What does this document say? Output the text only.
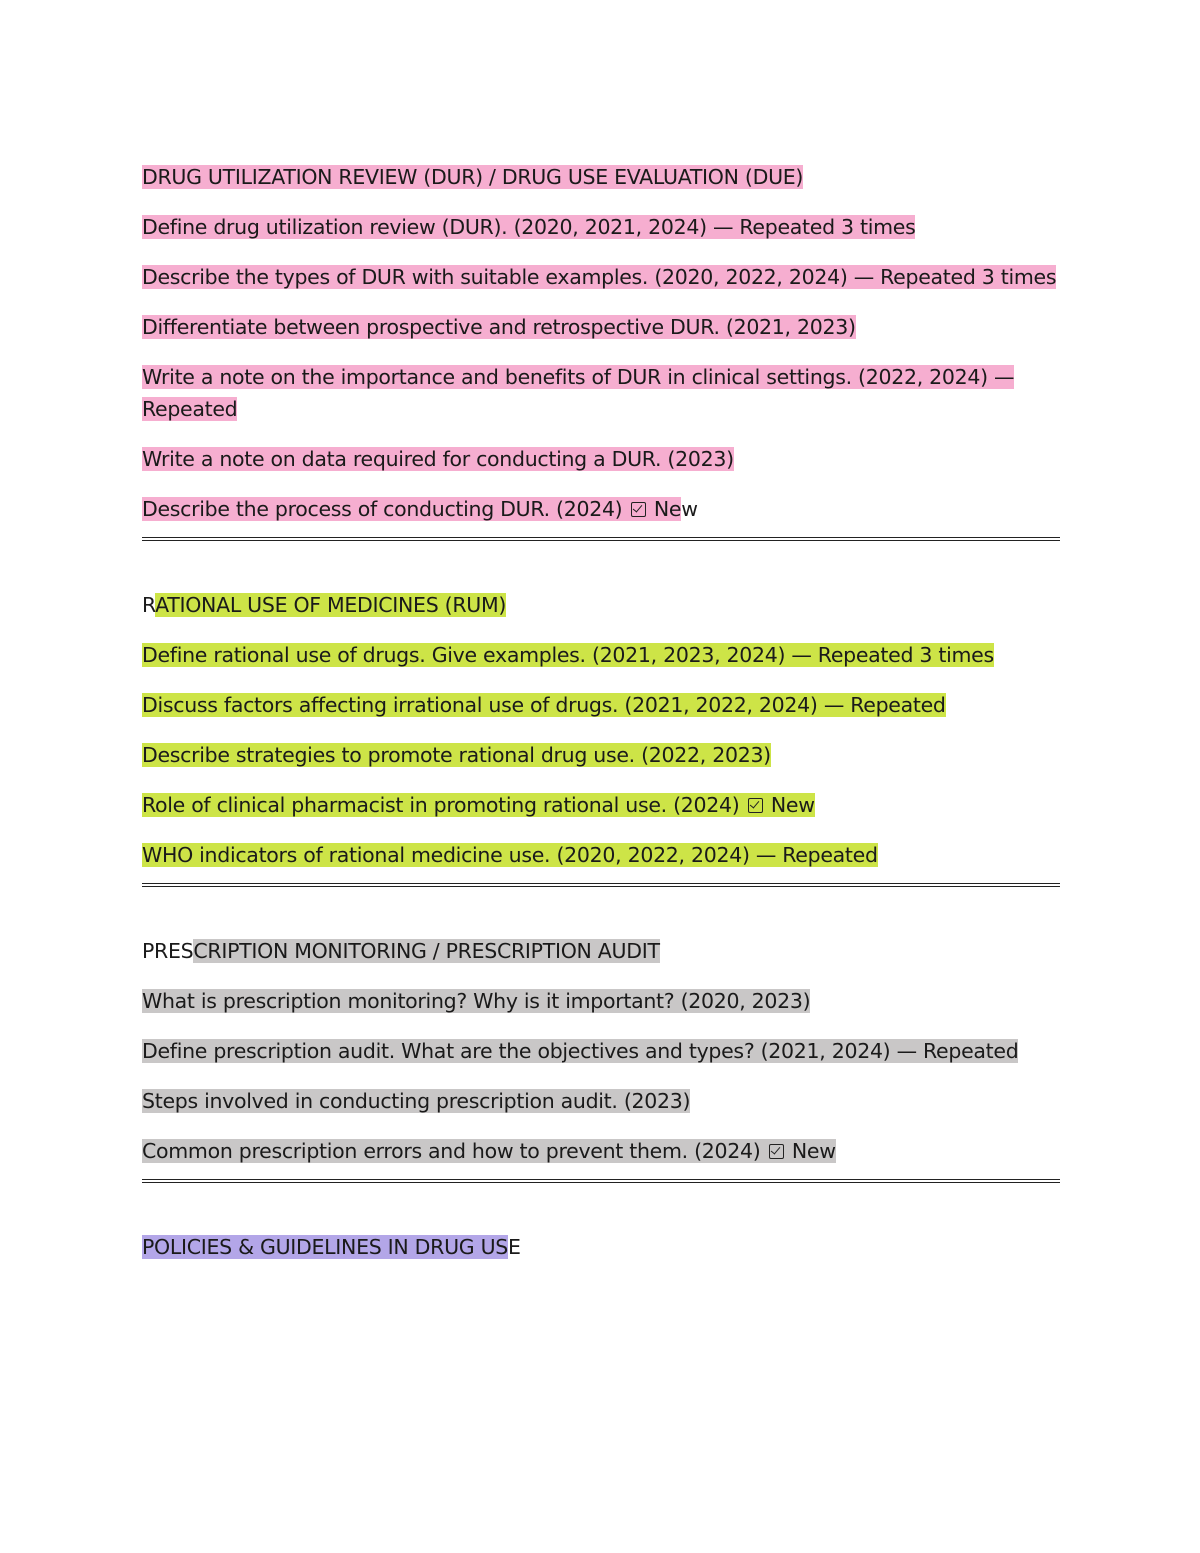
DRUG UTILIZATION REVIEW (DUR) / DRUG USE EVALUATION (DUE)

Define drug utilization review (DUR). (2020, 2021, 2024) — Repeated 3 times

Describe the types of DUR with suitable examples. (2020, 2022, 2024) — Repeated 3 times

Differentiate between prospective and retrospective DUR. (2021, 2023)

Write a note on the importance and benefits of DUR in clinical settings. (2022, 2024) — Repeated

Write a note on data required for conducting a DUR. (2023)

Describe the process of conducting DUR. (2024)  New

RATIONAL USE OF MEDICINES (RUM)

Define rational use of drugs. Give examples. (2021, 2023, 2024) — Repeated 3 times

Discuss factors affecting irrational use of drugs. (2021, 2022, 2024) — Repeated

Describe strategies to promote rational drug use. (2022, 2023)

Role of clinical pharmacist in promoting rational use. (2024)  New

WHO indicators of rational medicine use. (2020, 2022, 2024) — Repeated

PRESCRIPTION MONITORING / PRESCRIPTION AUDIT

What is prescription monitoring? Why is it important? (2020, 2023)

Define prescription audit. What are the objectives and types? (2021, 2024) — Repeated

Steps involved in conducting prescription audit. (2023)

Common prescription errors and how to prevent them. (2024)  New

POLICIES & GUIDELINES IN DRUG USE
